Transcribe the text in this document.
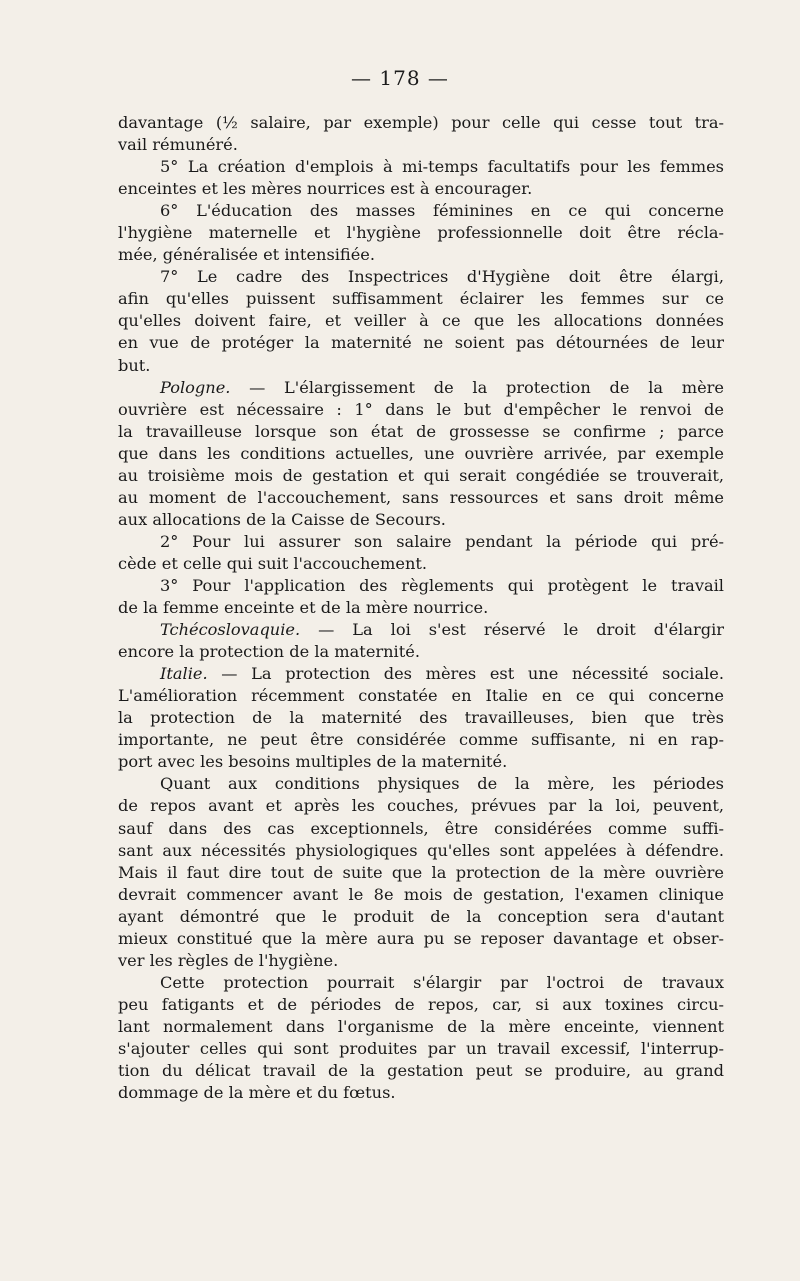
— 178 —
davantage (½ salaire, par exemple) pour celle qui cesse tout tra-
vail rémunéré.
5° La création d'emplois à mi-temps facultatifs pour les femmes
enceintes et les mères nourrices est à encourager.
6° L'éducation des masses féminines en ce qui concerne
l'hygiène maternelle et l'hygiène professionnelle doit être récla-
mée, généralisée et intensifiée.
7° Le cadre des Inspectrices d'Hygiène doit être élargi,
afin qu'elles puissent suffisamment éclairer les femmes sur ce
qu'elles doivent faire, et veiller à ce que les allocations données
en vue de protéger la maternité ne soient pas détournées de leur
but.
Pologne. — L'élargissement de la protection de la mère
ouvrière est nécessaire : 1° dans le but d'empêcher le renvoi de
la travailleuse lorsque son état de grossesse se confirme ; parce
que dans les conditions actuelles, une ouvrière arrivée, par exemple
au troisième mois de gestation et qui serait congédiée se trouverait,
au moment de l'accouchement, sans ressources et sans droit même
aux allocations de la Caisse de Secours.
2° Pour lui assurer son salaire pendant la période qui pré-
cède et celle qui suit l'accouchement.
3° Pour l'application des règlements qui protègent le travail
de la femme enceinte et de la mère nourrice.
Tchécoslovaquie. — La loi s'est réservé le droit d'élargir
encore la protection de la maternité.
Italie. — La protection des mères est une nécessité sociale.
L'amélioration récemment constatée en Italie en ce qui concerne
la protection de la maternité des travailleuses, bien que très
importante, ne peut être considérée comme suffisante, ni en rap-
port avec les besoins multiples de la maternité.
Quant aux conditions physiques de la mère, les périodes
de repos avant et après les couches, prévues par la loi, peuvent,
sauf dans des cas exceptionnels, être considérées comme suffi-
sant aux nécessités physiologiques qu'elles sont appelées à défendre.
Mais il faut dire tout de suite que la protection de la mère ouvrière
devrait commencer avant le 8e mois de gestation, l'examen clinique
ayant démontré que le produit de la conception sera d'autant
mieux constitué que la mère aura pu se reposer davantage et obser-
ver les règles de l'hygiène.
Cette protection pourrait s'élargir par l'octroi de travaux
peu fatigants et de périodes de repos, car, si aux toxines circu-
lant normalement dans l'organisme de la mère enceinte, viennent
s'ajouter celles qui sont produites par un travail excessif, l'interrup-
tion du délicat travail de la gestation peut se produire, au grand
dommage de la mère et du fœtus.
